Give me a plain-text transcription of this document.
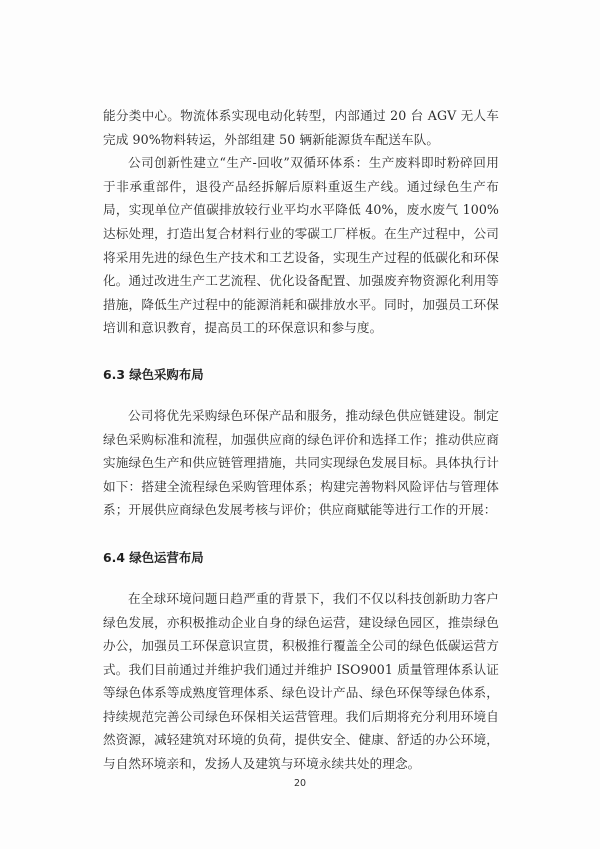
能分类中心。物流体系实现电动化转型，内部通过 20 台 AGV 无人车完成 90%物料转运，外部组建 50 辆新能源货车配送车队。

公司创新性建立“生产-回收”双循环体系：生产废料即时粉碎回用于非承重部件，退役产品经拆解后原料重返生产线。通过绿色生产布局，实现单位产值碳排放较行业平均水平降低 40%，废水废气 100%达标处理，打造出复合材料行业的零碳工厂样板。在生产过程中，公司将采用先进的绿色生产技术和工艺设备，实现生产过程的低碳化和环保化。通过改进生产工艺流程、优化设备配置、加强废弃物资源化利用等措施，降低生产过程中的能源消耗和碳排放水平。同时，加强员工环保培训和意识教育，提高员工的环保意识和参与度。

6.3 绿色采购布局

公司将优先采购绿色环保产品和服务，推动绿色供应链建设。制定绿色采购标准和流程，加强供应商的绿色评价和选择工作；推动供应商实施绿色生产和供应链管理措施，共同实现绿色发展目标。具体执行计如下：搭建全流程绿色采购管理体系；构建完善物料风险评估与管理体系；开展供应商绿色发展考核与评价；供应商赋能等进行工作的开展：

6.4 绿色运营布局

在全球环境问题日趋严重的背景下，我们不仅以科技创新助力客户绿色发展，亦积极推动企业自身的绿色运营，建设绿色园区，推崇绿色办公，加强员工环保意识宣贯，积极推行覆盖全公司的绿色低碳运营方式。我们目前通过并维护我们通过并维护 ISO9001 质量管理体系认证等绿色体系等成熟度管理体系、绿色设计产品、绿色环保等绿色体系，持续规范完善公司绿色环保相关运营管理。我们后期将充分利用环境自然资源，减轻建筑对环境的负荷，提供安全、健康、舒适的办公环境，与自然环境亲和，发扬人及建筑与环境永续共处的理念。

20
